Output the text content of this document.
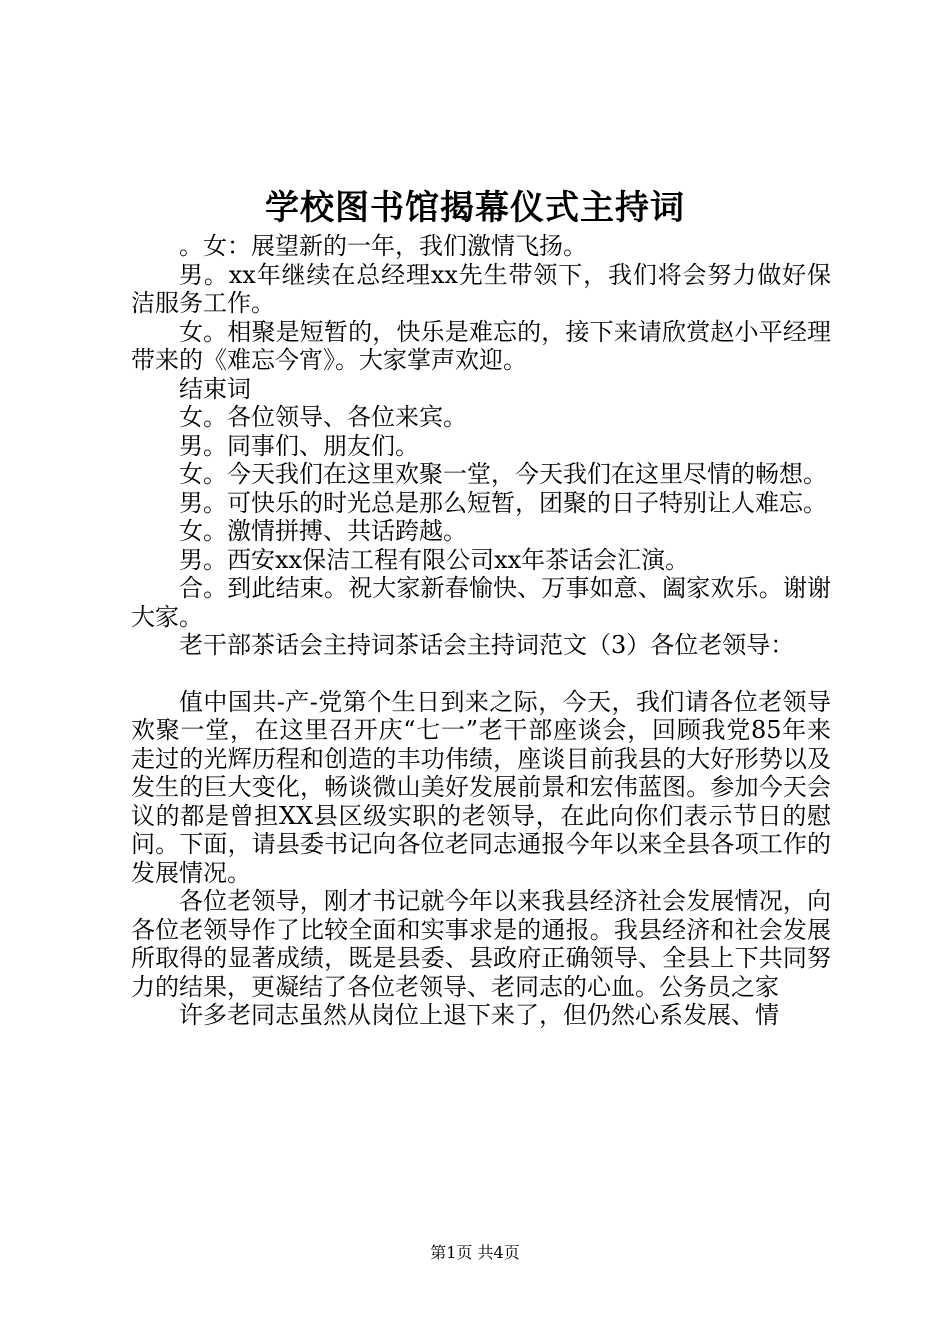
学校图书馆揭幕仪式主持词

。女：展望新的一年，我们激情飞扬。

男。xx年继续在总经理xx先生带领下，我们将会努力做好保洁服务工作。

女。相聚是短暂的，快乐是难忘的，接下来请欣赏赵小平经理带来的《难忘今宵》。大家掌声欢迎。

结束词

女。各位领导、各位来宾。

男。同事们、朋友们。

女。今天我们在这里欢聚一堂，今天我们在这里尽情的畅想。

男。可快乐的时光总是那么短暂，团聚的日子特别让人难忘。

女。激情拼搏、共话跨越。

男。西安xx保洁工程有限公司xx年茶话会汇演。

合。到此结束。祝大家新春愉快、万事如意、阖家欢乐。谢谢大家。

老干部茶话会主持词茶话会主持词范文（3）各位老领导：

值中国共-产-党第个生日到来之际，今天，我们请各位老领导欢聚一堂，在这里召开庆“七一”老干部座谈会，回顾我党85年来走过的光辉历程和创造的丰功伟绩，座谈目前我县的大好形势以及发生的巨大变化，畅谈微山美好发展前景和宏伟蓝图。参加今天会议的都是曾担XX县区级实职的老领导，在此向你们表示节日的慰问。下面，请县委书记向各位老同志通报今年以来全县各项工作的发展情况。

各位老领导，刚才书记就今年以来我县经济社会发展情况，向各位老领导作了比较全面和实事求是的通报。我县经济和社会发展所取得的显著成绩，既是县委、县政府正确领导、全县上下共同努力的结果，更凝结了各位老领导、老同志的心血。公务员之家

许多老同志虽然从岗位上退下来了，但仍然心系发展、情

第1页 共4页
